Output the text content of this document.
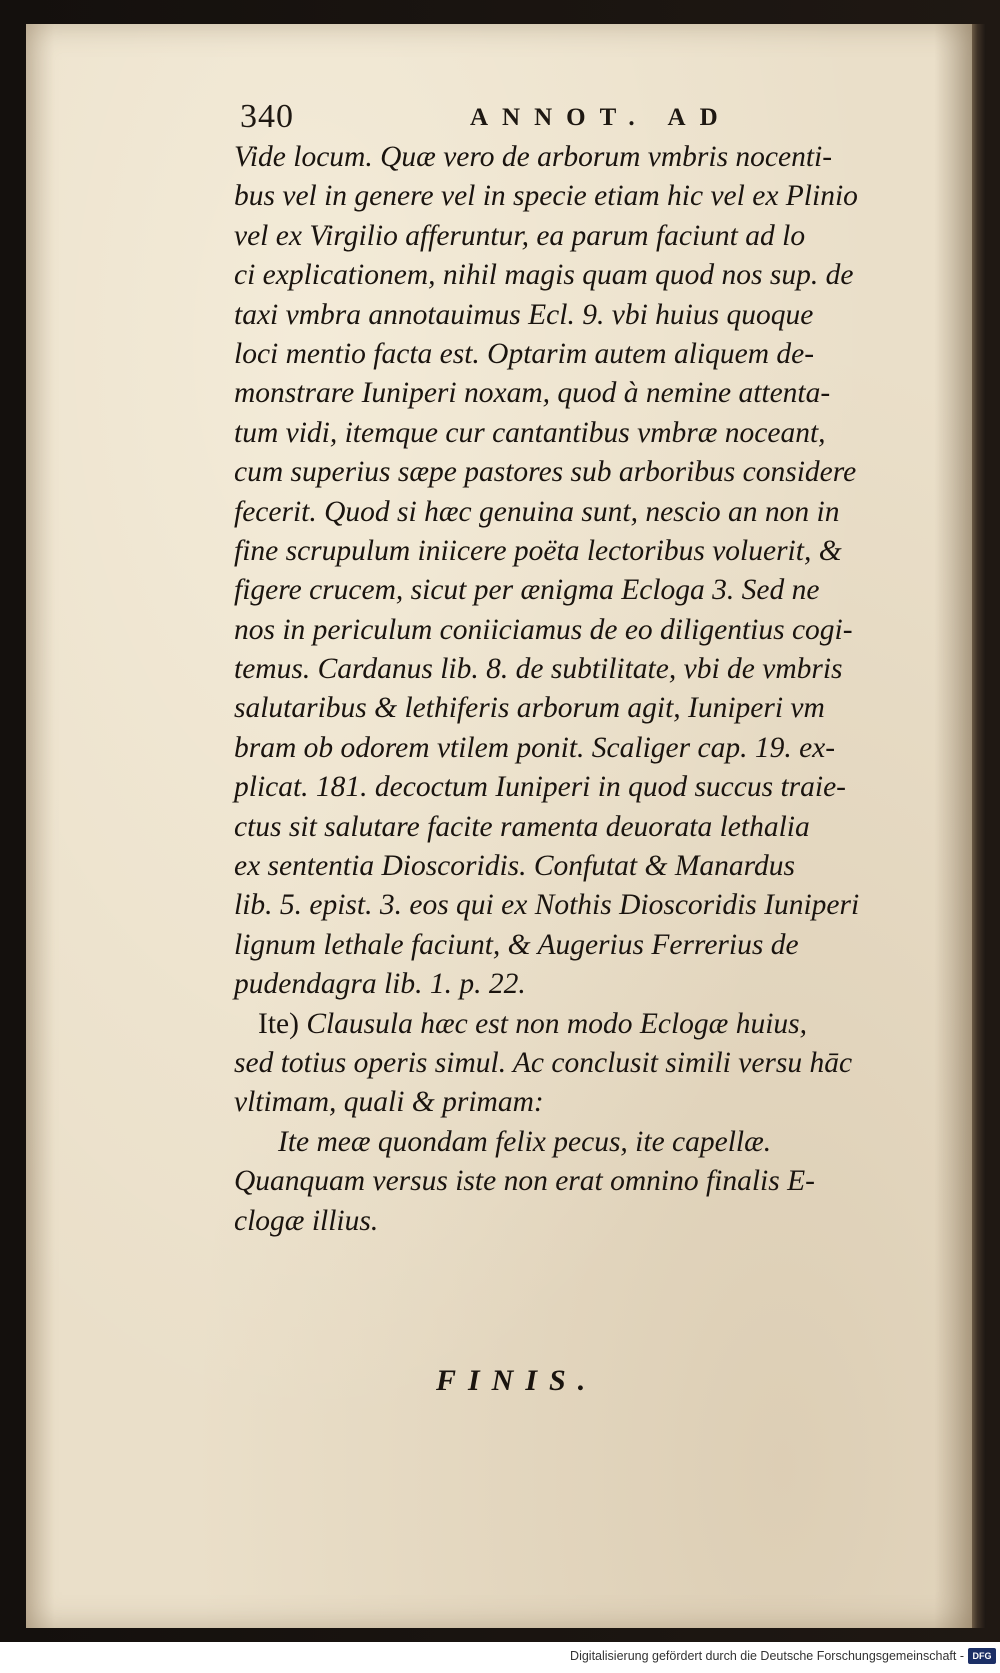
340	ANNOT. AD
Vide locum. Quæ vero de arborum vmbris nocenti-
bus vel in genere vel in specie etiam hic vel ex Plinio
vel ex Virgilio afferuntur, ea parum faciunt ad lo
ci explicationem, nihil magis quam quod nos sup. de
taxi vmbra annotauimus Ecl. 9. vbi huius quoque
loci mentio facta est. Optarim autem aliquem de-
monstrare Iuniperi noxam, quod à nemine attenta-
tum vidi, itemque cur cantantibus vmbræ noceant,
cum superius sæpe pastores sub arboribus considere
fecerit. Quod si hæc genuina sunt, nescio an non in
fine scrupulum iniicere poëta lectoribus voluerit, &
figere crucem, sicut per ænigma Ecloga 3. Sed ne
nos in periculum coniiciamus de eo diligentius cogi-
temus. Cardanus lib. 8. de subtilitate, vbi de vmbris
salutaribus & lethiferis arborum agit, Iuniperi vm
bram ob odorem vtilem ponit. Scaliger cap. 19. ex-
plicat. 181. decoctum Iuniperi in quod succus traie-
ctus sit salutare facite ramenta deuorata lethalia
ex sententia Dioscoridis. Confutat & Manardus
lib. 5. epist. 3. eos qui ex Nothis Dioscoridis Iuniperi
lignum lethale faciunt, & Augerius Ferrerius de
pudendagra lib. 1. p. 22.
Ite) Clausula hæc est non modo Eclogæ huius,
sed totius operis simul. Ac conclusit simili versu hāc
vltimam, quali & primam:
Ite meæ quondam felix pecus, ite capellæ.
Quanquam versus iste non erat omnino finalis E-
clogæ illius.
FINIS.
Digitalisierung gefördert durch die Deutsche Forschungsgemeinschaft - DFG
